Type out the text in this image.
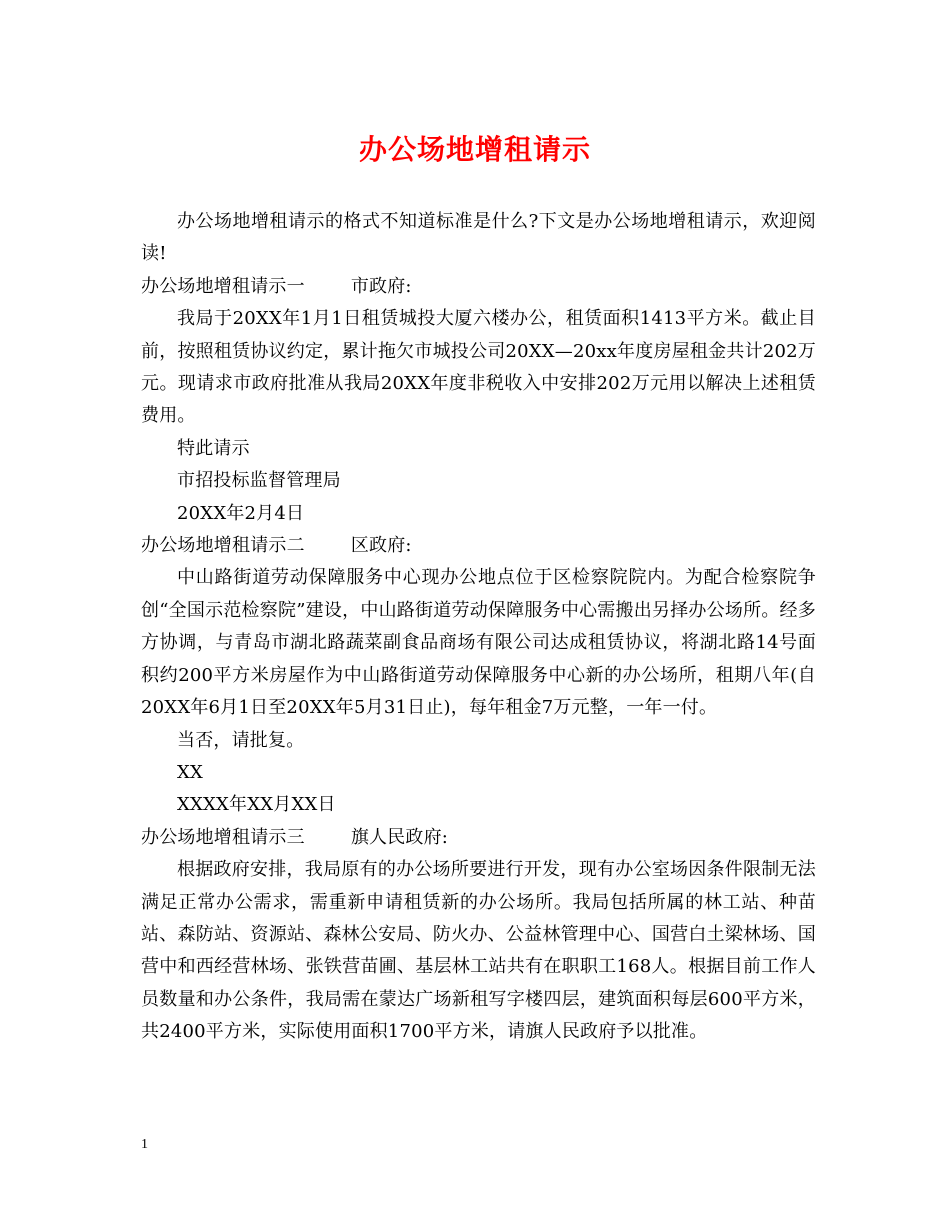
办公场地增租请示

办公场地增租请示的格式不知道标准是什么?下文是办公场地增租请示，欢迎阅读!

办公场地增租请示一	市政府:

我局于20XX年1月1日租赁城投大厦六楼办公，租赁面积1413平方米。截止目前，按照租赁协议约定，累计拖欠市城投公司20XX—20xx年度房屋租金共计202万元。现请求市政府批准从我局20XX年度非税收入中安排202万元用以解决上述租赁费用。

特此请示

市招投标监督管理局

20XX年2月4日

办公场地增租请示二	区政府:

中山路街道劳动保障服务中心现办公地点位于区检察院院内。为配合检察院争创“全国示范检察院”建设，中山路街道劳动保障服务中心需搬出另择办公场所。经多方协调，与青岛市湖北路蔬菜副食品商场有限公司达成租赁协议，将湖北路14号面积约200平方米房屋作为中山路街道劳动保障服务中心新的办公场所，租期八年(自20XX年6月1日至20XX年5月31日止)，每年租金7万元整，一年一付。

当否，请批复。

XX

XXXX年XX月XX日

办公场地增租请示三	旗人民政府:

根据政府安排，我局原有的办公场所要进行开发，现有办公室场因条件限制无法满足正常办公需求，需重新申请租赁新的办公场所。我局包括所属的林工站、种苗站、森防站、资源站、森林公安局、防火办、公益林管理中心、国营白土梁林场、国营中和西经营林场、张铁营苗圃、基层林工站共有在职职工168人。根据目前工作人员数量和办公条件，我局需在蒙达广场新租写字楼四层，建筑面积每层600平方米，共2400平方米，实际使用面积1700平方米，请旗人民政府予以批准。

1
